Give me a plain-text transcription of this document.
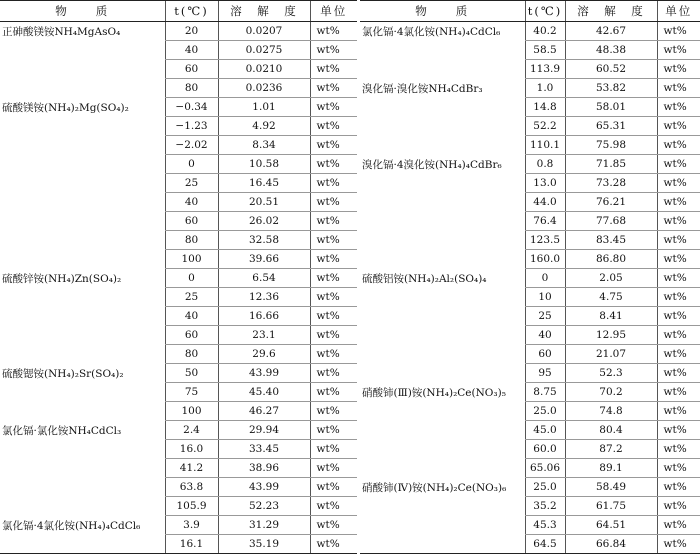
物　　质	t(℃)	溶　解　度	单位
正砷酸镁铵NH₄MgAsO₄	20	0.0207	wt%
	40	0.0275	wt%
	60	0.0210	wt%
	80	0.0236	wt%
硫酸镁铵(NH₄)₂Mg(SO₄)₂	−0.34	1.01	wt%
	−1.23	4.92	wt%
	−2.02	8.34	wt%
	0	10.58	wt%
	25	16.45	wt%
	40	20.51	wt%
	60	26.02	wt%
	80	32.58	wt%
	100	39.66	wt%
硫酸锌铵(NH₄)Zn(SO₄)₂	0	6.54	wt%
	25	12.36	wt%
	40	16.66	wt%
	60	23.1	wt%
	80	29.6	wt%
硫酸锶铵(NH₄)₂Sr(SO₄)₂	50	43.99	wt%
	75	45.40	wt%
	100	46.27	wt%
氯化镉·氯化铵NH₄CdCl₃	2.4	29.94	wt%
	16.0	33.45	wt%
	41.2	38.96	wt%
	63.8	43.99	wt%
	105.9	52.23	wt%
氯化镉·4氯化铵(NH₄)₄CdCl₆	3.9	31.29	wt%
	16.1	35.19	wt%
物　　质	t(℃)	溶　解　度	单位
氯化镉·4氯化铵(NH₄)₄CdCl₆	40.2	42.67	wt%
	58.5	48.38	wt%
	113.9	60.52	wt%
溴化镉·溴化铵NH₄CdBr₃	1.0	53.82	wt%
	14.8	58.01	wt%
	52.2	65.31	wt%
	110.1	75.98	wt%
溴化镉·4溴化铵(NH₄)₄CdBr₆	0.8	71.85	wt%
	13.0	73.28	wt%
	44.0	76.21	wt%
	76.4	77.68	wt%
	123.5	83.45	wt%
	160.0	86.80	wt%
硫酸铝铵(NH₄)₂Al₂(SO₄)₄	0	2.05	wt%
	10	4.75	wt%
	25	8.41	wt%
	40	12.95	wt%
	60	21.07	wt%
	95	52.3	wt%
硝酸铈(Ⅲ)铵(NH₄)₂Ce(NO₃)₅	8.75	70.2	wt%
	25.0	74.8	wt%
	45.0	80.4	wt%
	60.0	87.2	wt%
	65.06	89.1	wt%
硝酸铈(Ⅳ)铵(NH₄)₂Ce(NO₃)₆	25.0	58.49	wt%
	35.2	61.75	wt%
	45.3	64.51	wt%
	64.5	66.84	wt%
